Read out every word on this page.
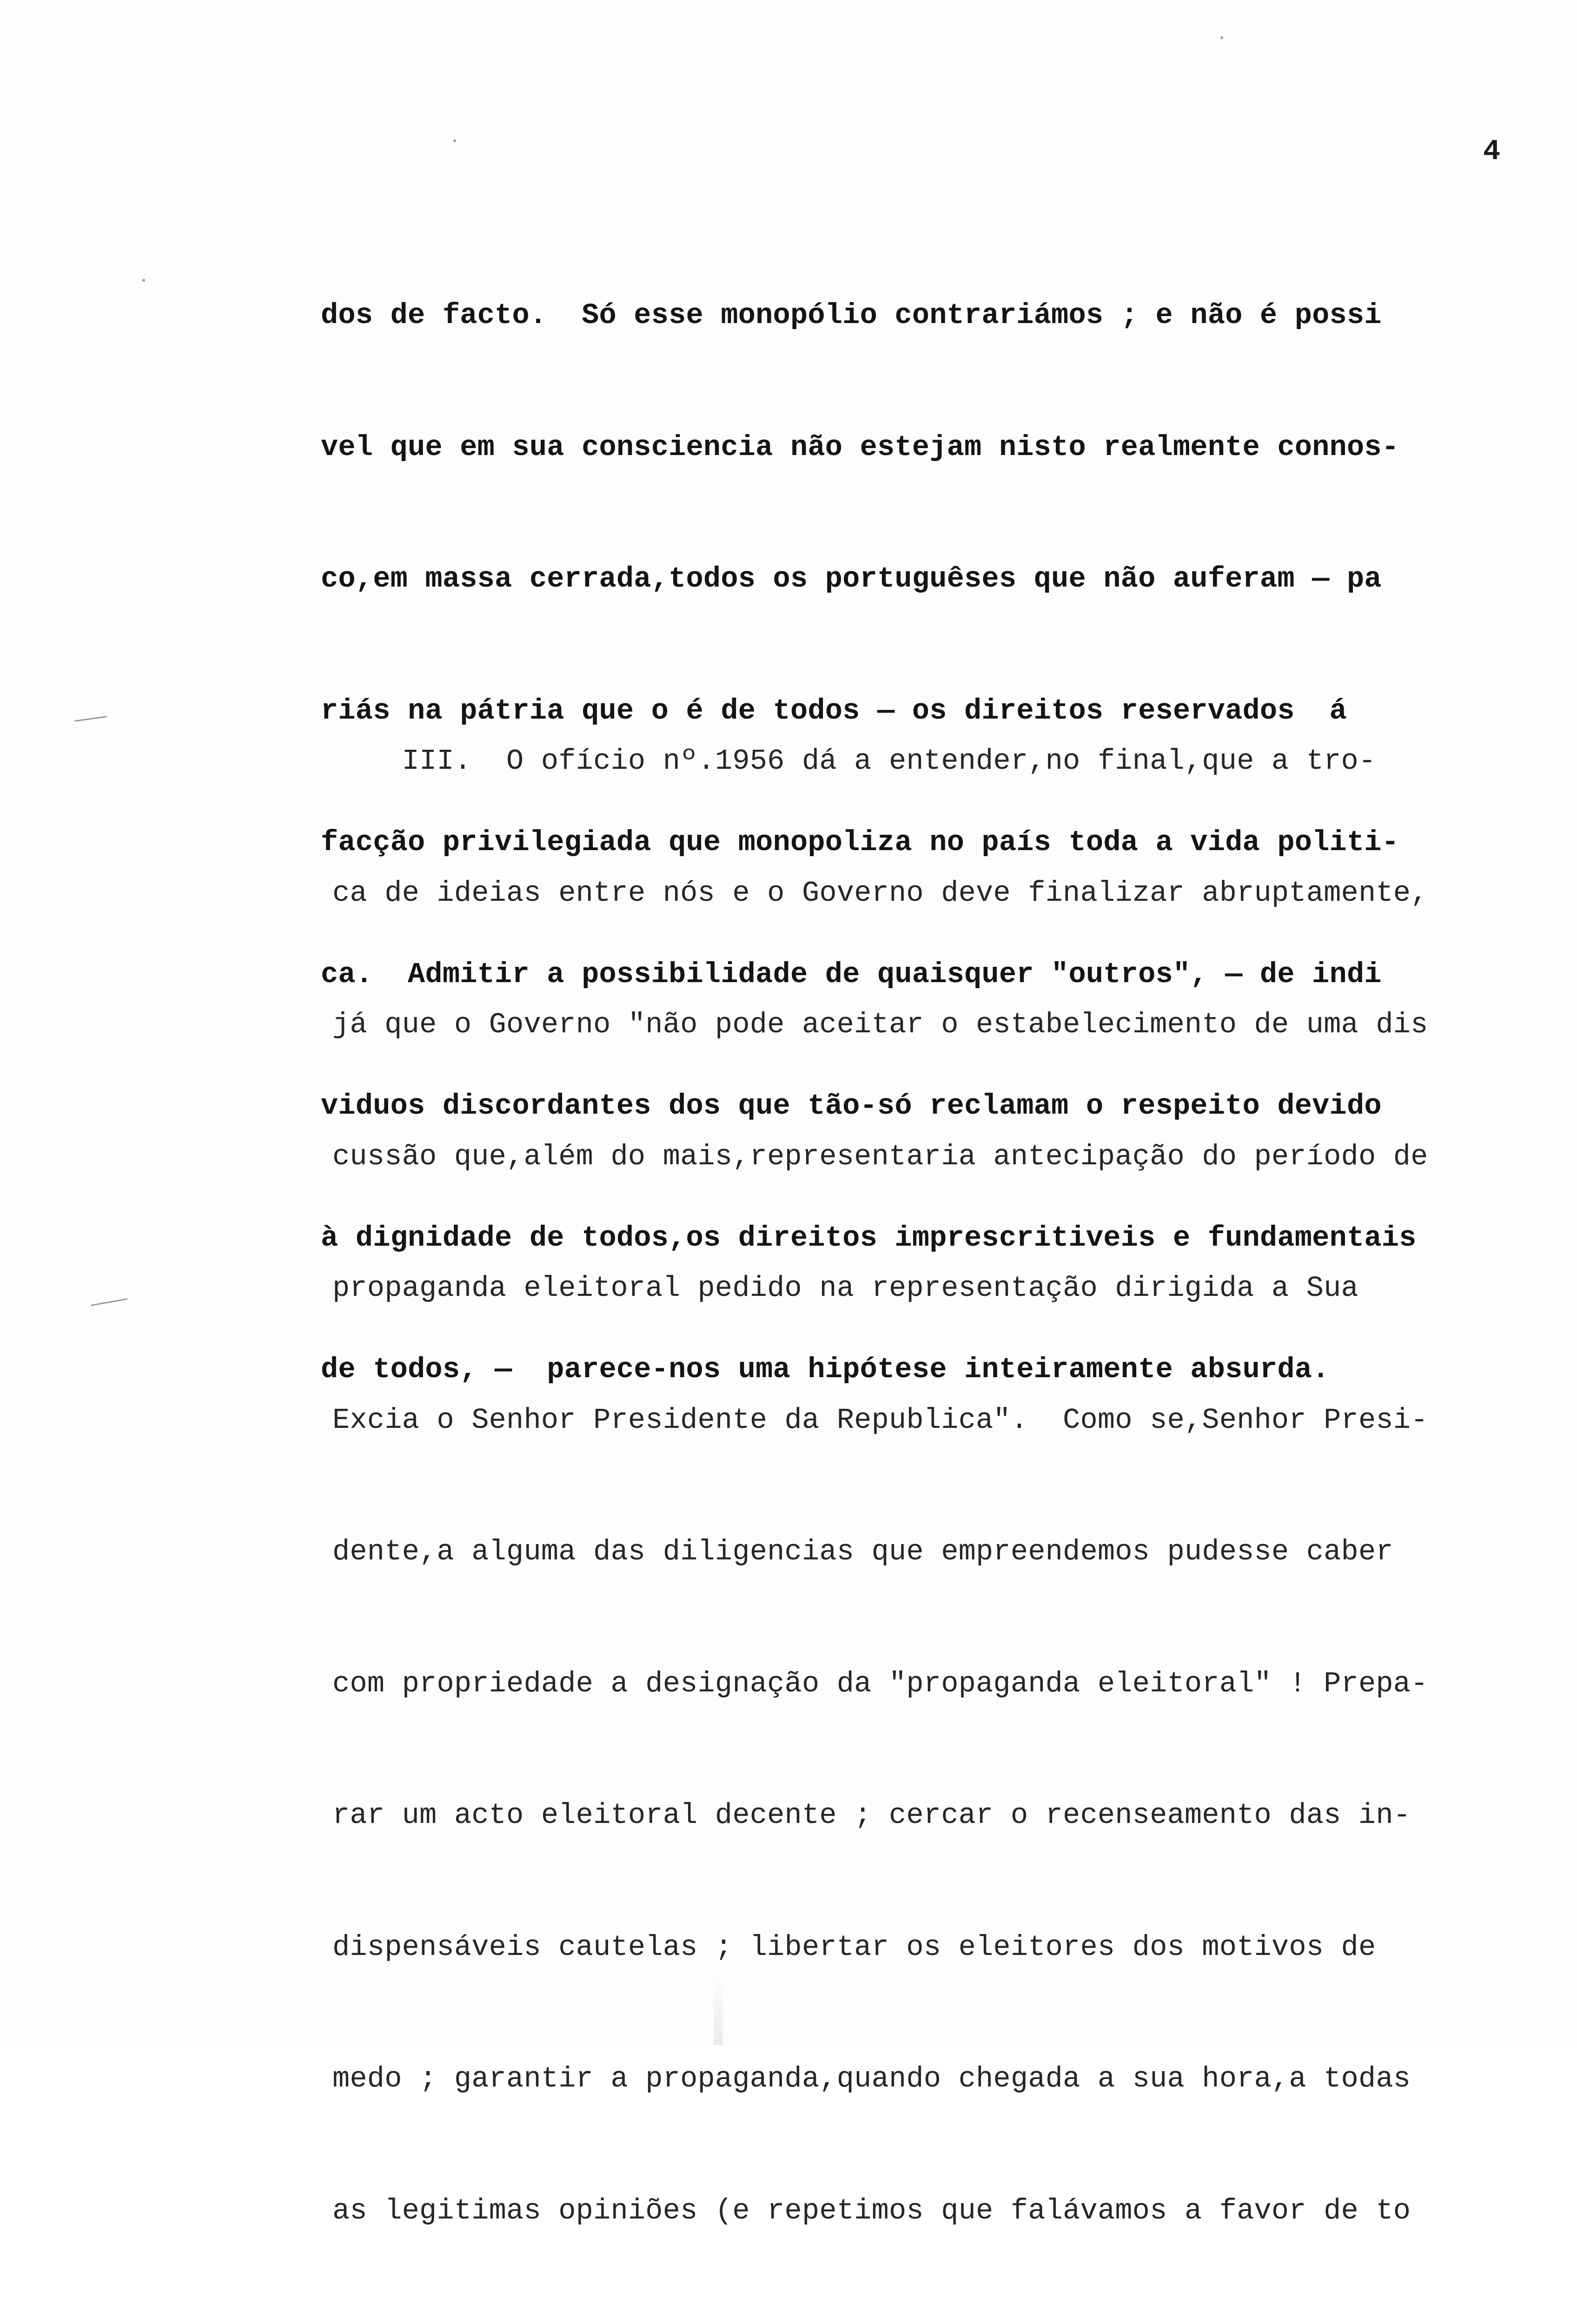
4

dos de facto.  Só esse monopólio contrariámos ; e não é possi

vel que em sua consciencia não estejam nisto realmente connos-

co,em massa cerrada,todos os portuguêses que não auferam — pa

riás na pátria que o é de todos — os direitos reservados  á

facção privilegiada que monopoliza no país toda a vida politi-

ca.  Admitir a possibilidade de quaisquer "outros", — de indi

viduos discordantes dos que tão-só reclamam o respeito devido

à dignidade de todos,os direitos imprescritiveis e fundamentais

de todos, —  parece-nos uma hipótese inteiramente absurda.

III.  O ofício nº.1956 dá a entender,no final,que a tro-

ca de ideias entre nós e o Governo deve finalizar abruptamente,

já que o Governo "não pode aceitar o estabelecimento de uma dis

cussão que,além do mais,representaria antecipação do período de

propaganda eleitoral pedido na representação dirigida a Sua

Excia o Senhor Presidente da Republica".  Como se,Senhor Presi-

dente,a alguma das diligencias que empreendemos pudesse caber

com propriedade a designação da "propaganda eleitoral" ! Prepa-

rar um acto eleitoral decente ; cercar o recenseamento das in-

dispensáveis cautelas ; libertar os eleitores dos motivos de

medo ; garantir a propaganda,quando chegada a sua hora,a todas

as legitimas opiniões (e repetimos que falávamos a favor de to
